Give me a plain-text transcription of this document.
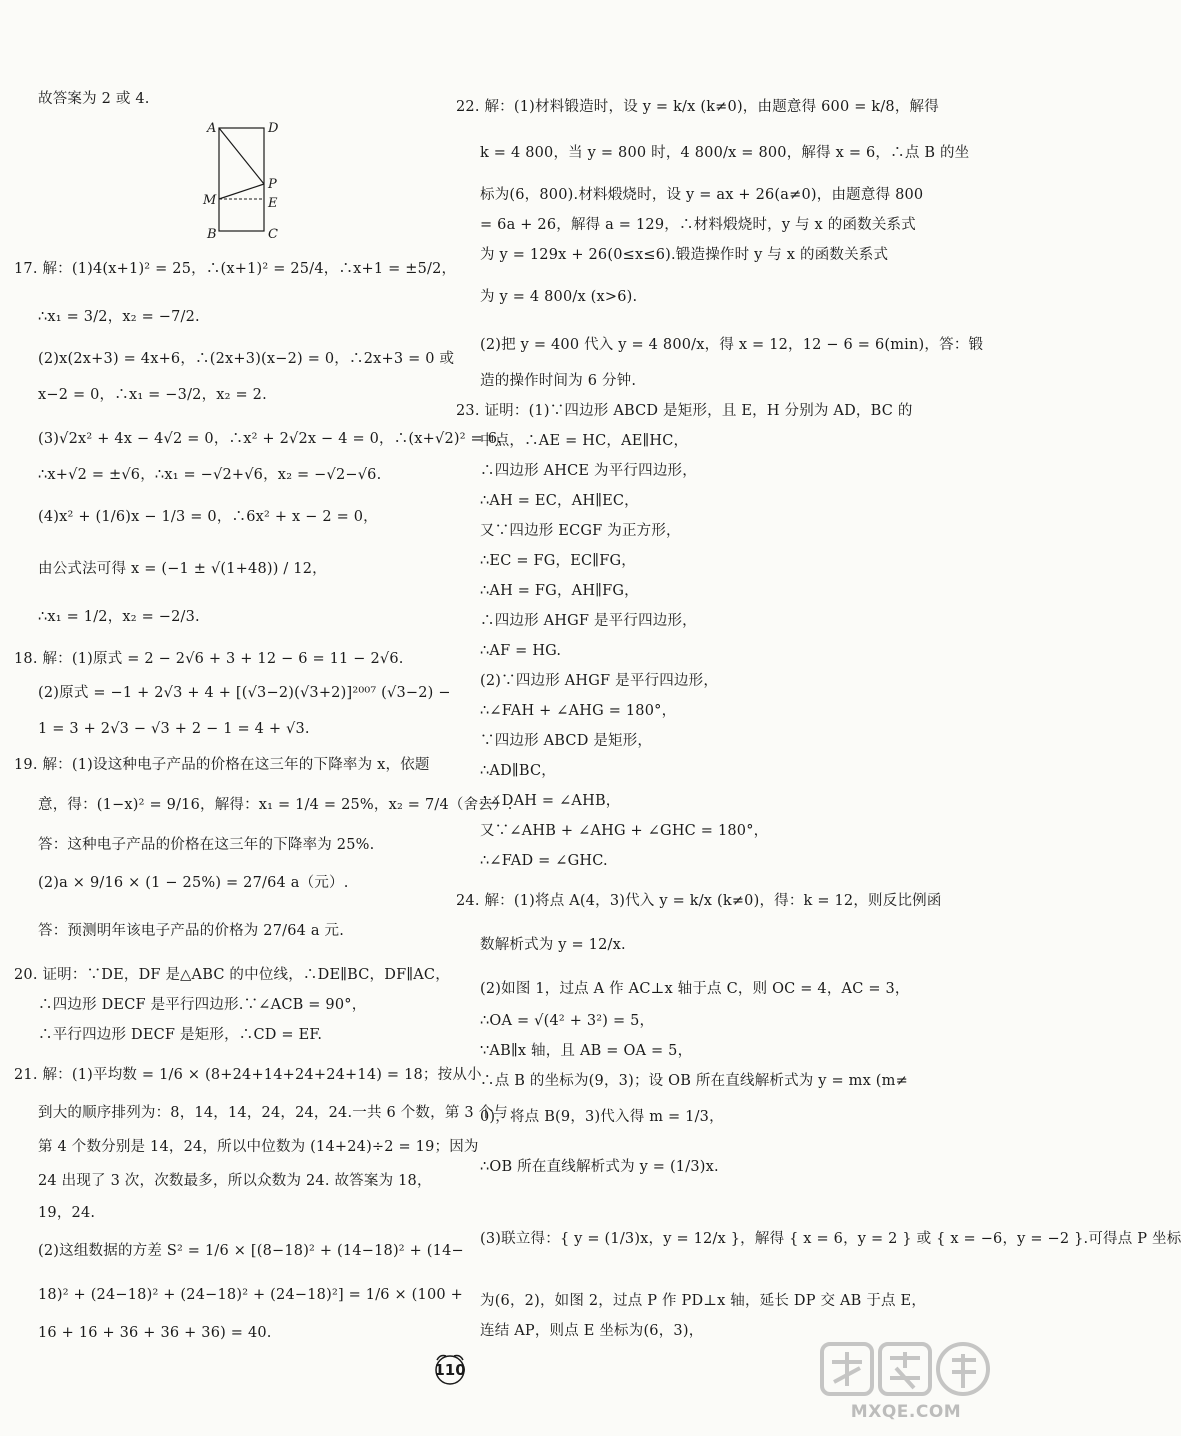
故答案为 2 或 4.
17. 解：(1)4(x+1)² = 25，∴(x+1)² = 25/4，∴x+1 = ±5/2，
∴x₁ = 3/2，x₂ = −7/2.
(2)x(2x+3) = 4x+6，∴(2x+3)(x−2) = 0，∴2x+3 = 0 或
x−2 = 0，∴x₁ = −3/2，x₂ = 2.
(3)√2x² + 4x − 4√2 = 0，∴x² + 2√2x − 4 = 0，∴(x+√2)² = 6，
∴x+√2 = ±√6，∴x₁ = −√2+√6，x₂ = −√2−√6.
(4)x² + (1/6)x − 1/3 = 0，∴6x² + x − 2 = 0，
由公式法可得 x = (−1 ± √(1+48)) / 12，
∴x₁ = 1/2，x₂ = −2/3.
18. 解：(1)原式 = 2 − 2√6 + 3 + 12 − 6 = 11 − 2√6.
(2)原式 = −1 + 2√3 + 4 + [(√3−2)(√3+2)]²⁰⁰⁷ (√3−2) −
1 = 3 + 2√3 − √3 + 2 − 1 = 4 + √3.
19. 解：(1)设这种电子产品的价格在这三年的下降率为 x，依题
意，得：(1−x)² = 9/16，解得：x₁ = 1/4 = 25%，x₂ = 7/4（舍去）.
答：这种电子产品的价格在这三年的下降率为 25%.
(2)a × 9/16 × (1 − 25%) = 27/64 a（元）.
答：预测明年该电子产品的价格为 27/64 a 元.
20. 证明：∵DE，DF 是△ABC 的中位线，∴DE∥BC，DF∥AC，
∴四边形 DECF 是平行四边形.∵∠ACB = 90°，
∴平行四边形 DECF 是矩形，∴CD = EF.
21. 解：(1)平均数 = 1/6 × (8+24+14+24+24+14) = 18；按从小
到大的顺序排列为：8，14，14，24，24，24.一共 6 个数，第 3 个与
第 4 个数分别是 14，24，所以中位数为 (14+24)÷2 = 19；因为
24 出现了 3 次，次数最多，所以众数为 24. 故答案为 18，
19，24.
(2)这组数据的方差 S² = 1/6 × [(8−18)² + (14−18)² + (14−
18)² + (24−18)² + (24−18)² + (24−18)²] = 1/6 × (100 +
16 + 16 + 36 + 36 + 36) = 40.
A	D
P
M	E
B	C
22. 解：(1)材料锻造时，设 y = k/x (k≠0)，由题意得 600 = k/8，解得
k = 4 800，当 y = 800 时，4 800/x = 800，解得 x = 6，∴点 B 的坐
标为(6，800).材料煅烧时，设 y = ax + 26(a≠0)，由题意得 800
= 6a + 26，解得 a = 129，∴材料煅烧时，y 与 x 的函数关系式
为 y = 129x + 26(0≤x≤6).锻造操作时 y 与 x 的函数关系式
为 y = 4 800/x (x>6).
(2)把 y = 400 代入 y = 4 800/x，得 x = 12，12 − 6 = 6(min)，答：锻
造的操作时间为 6 分钟.
23. 证明：(1)∵四边形 ABCD 是矩形，且 E，H 分别为 AD，BC 的
中点，∴AE = HC，AE∥HC，
∴四边形 AHCE 为平行四边形，
∴AH = EC，AH∥EC，
又∵四边形 ECGF 为正方形，
∴EC = FG，EC∥FG，
∴AH = FG，AH∥FG，
∴四边形 AHGF 是平行四边形，
∴AF = HG.
(2)∵四边形 AHGF 是平行四边形，
∴∠FAH + ∠AHG = 180°，
∵四边形 ABCD 是矩形，
∴AD∥BC，
∴∠DAH = ∠AHB，
又∵∠AHB + ∠AHG + ∠GHC = 180°，
∴∠FAD = ∠GHC.
24. 解：(1)将点 A(4，3)代入 y = k/x (k≠0)，得：k = 12，则反比例函
数解析式为 y = 12/x.
(2)如图 1，过点 A 作 AC⊥x 轴于点 C，则 OC = 4，AC = 3，
∴OA = √(4² + 3²) = 5，
∵AB∥x 轴，且 AB = OA = 5，
∴点 B 的坐标为(9，3)；设 OB 所在直线解析式为 y = mx (m≠
0)，将点 B(9，3)代入得 m = 1/3，
∴OB 所在直线解析式为 y = (1/3)x.
(3)联立得：{ y = (1/3)x，y = 12/x }，解得 { x = 6，y = 2 } 或 { x = −6，y = −2 }.可得点 P 坐标
为(6，2)，如图 2，过点 P 作 PD⊥x 轴，延长 DP 交 AB 于点 E，
连结 AP，则点 E 坐标为(6，3)，
110
MXQE.COM
